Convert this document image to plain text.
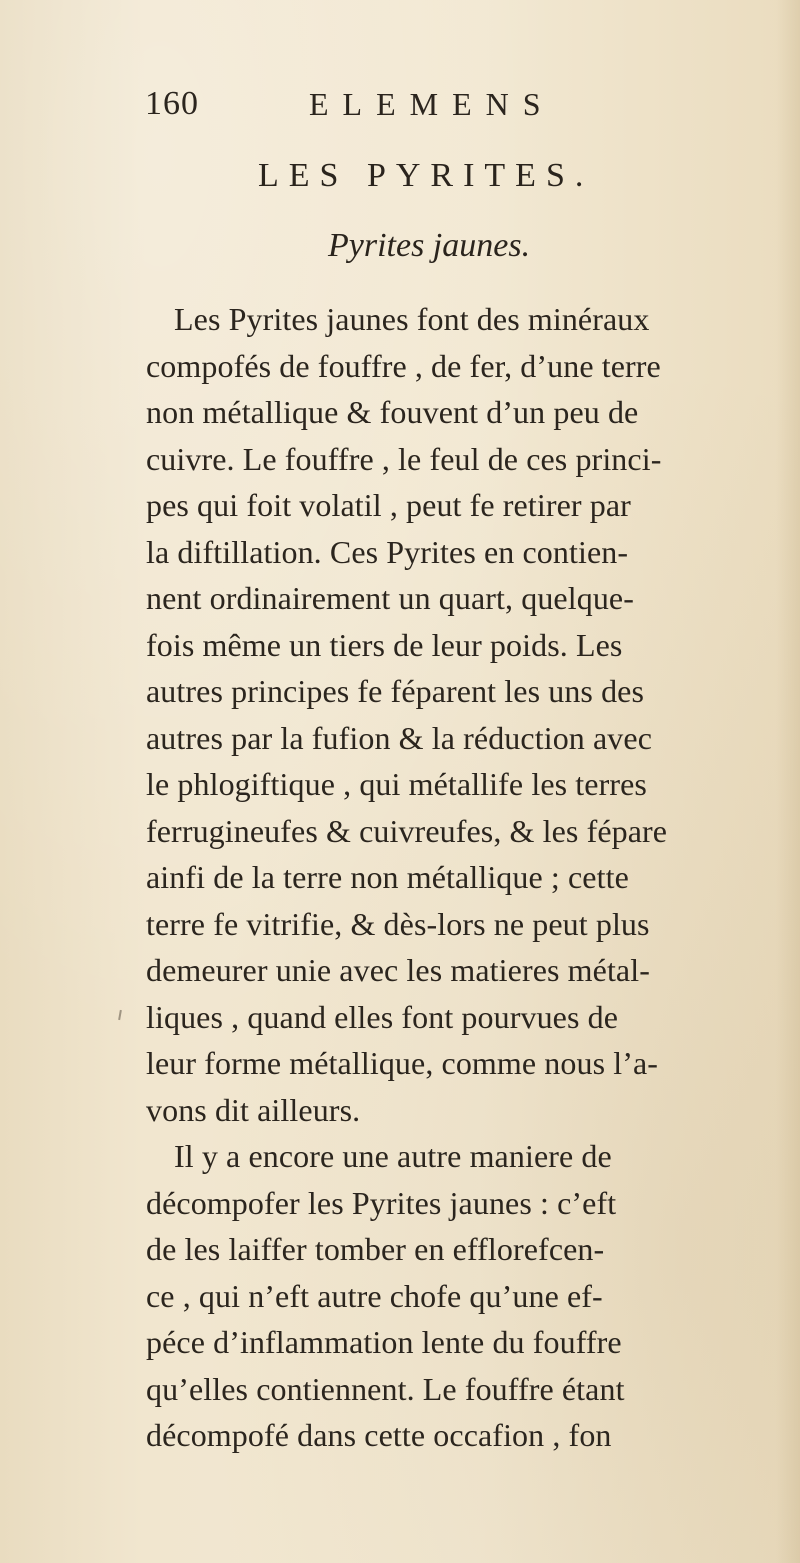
160	ELEMENS
LES PYRITES.
Pyrites jaunes.
Les Pyrites jaunes font des minéraux
compofés de fouffre , de fer, d’une terre
non métallique & fouvent d’un peu de
cuivre. Le fouffre , le feul de ces princi-
pes qui foit volatil , peut fe retirer par
la diftillation. Ces Pyrites en contien-
nent ordinairement un quart, quelque-
fois même un tiers de leur poids. Les
autres principes fe féparent les uns des
autres par la fufion & la réduction avec
le phlogiftique , qui métallife les terres
ferrugineufes & cuivreufes, & les fépare
ainfi de la terre non métallique ; cette
terre fe vitrifie, & dès-lors ne peut plus
demeurer unie avec les matieres métal-
liques , quand elles font pourvues de
leur forme métallique, comme nous l’a-
vons dit ailleurs.
Il y a encore une autre maniere de
décompofer les Pyrites jaunes : c’eft
de les laiffer tomber en efflorefcen-
ce , qui n’eft autre chofe qu’une ef-
péce d’inflammation lente du fouffre
qu’elles contiennent. Le fouffre étant
décompofé dans cette occafion , fon
